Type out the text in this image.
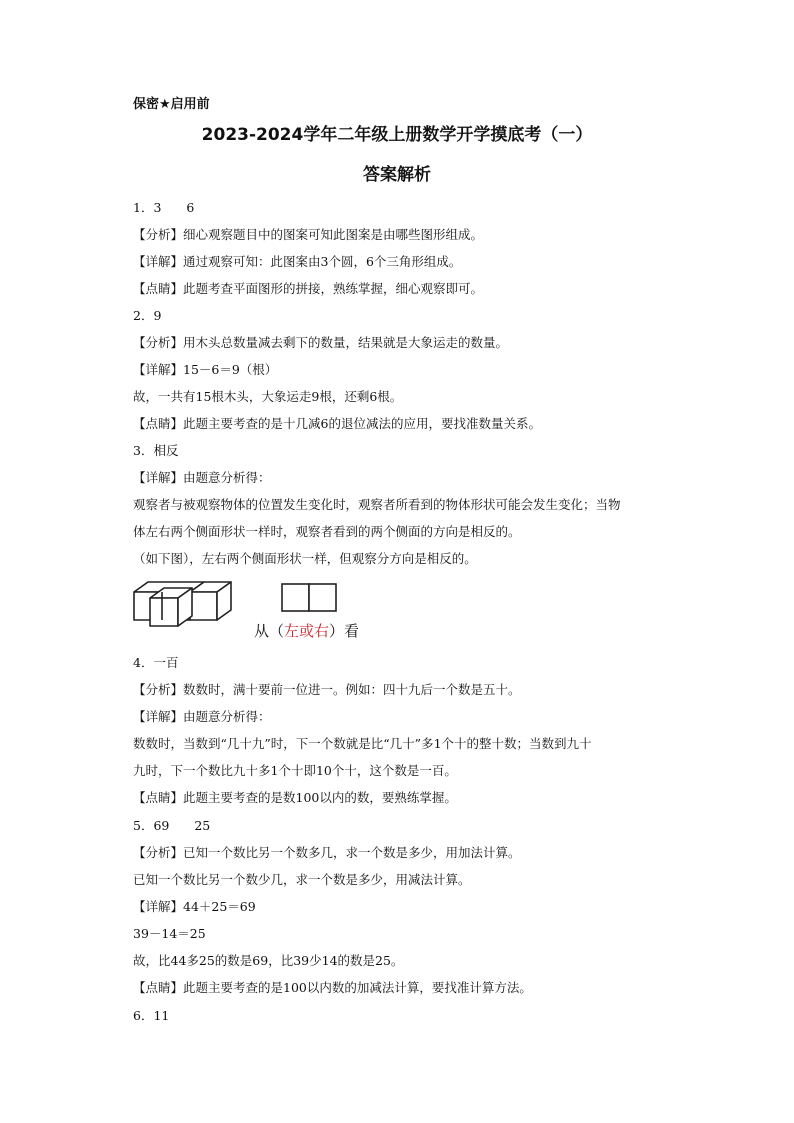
保密★启用前
2023-2024学年二年级上册数学开学摸底考（一）
答案解析
1．3　　6
【分析】细心观察题目中的图案可知此图案是由哪些图形组成。
【详解】通过观察可知：此图案由3个圆，6个三角形组成。
【点睛】此题考查平面图形的拼接，熟练掌握，细心观察即可。
2．9
【分析】用木头总数量减去剩下的数量，结果就是大象运走的数量。
【详解】15－6＝9（根）
故，一共有15根木头，大象运走9根，还剩6根。
【点睛】此题主要考查的是十几减6的退位减法的应用，要找准数量关系。
3．相反
【详解】由题意分析得：
观察者与被观察物体的位置发生变化时，观察者所看到的物体形状可能会发生变化；当物
体左右两个侧面形状一样时，观察者看到的两个侧面的方向是相反的。
（如下图），左右两个侧面形状一样，但观察分方向是相反的。
从（左或右）看
4．一百
【分析】数数时，满十要前一位进一。例如：四十九后一个数是五十。
【详解】由题意分析得：
数数时，当数到“几十九”时，下一个数就是比“几十”多1个十的整十数；当数到九十
九时，下一个数比九十多1个十即10个十，这个数是一百。
【点睛】此题主要考查的是数100以内的数，要熟练掌握。
5．69　　25
【分析】已知一个数比另一个数多几，求一个数是多少，用加法计算。
已知一个数比另一个数少几，求一个数是多少，用减法计算。
【详解】44＋25＝69
39－14＝25
故，比44多25的数是69，比39少14的数是25。
【点睛】此题主要考查的是100以内数的加减法计算，要找准计算方法。
6．11
